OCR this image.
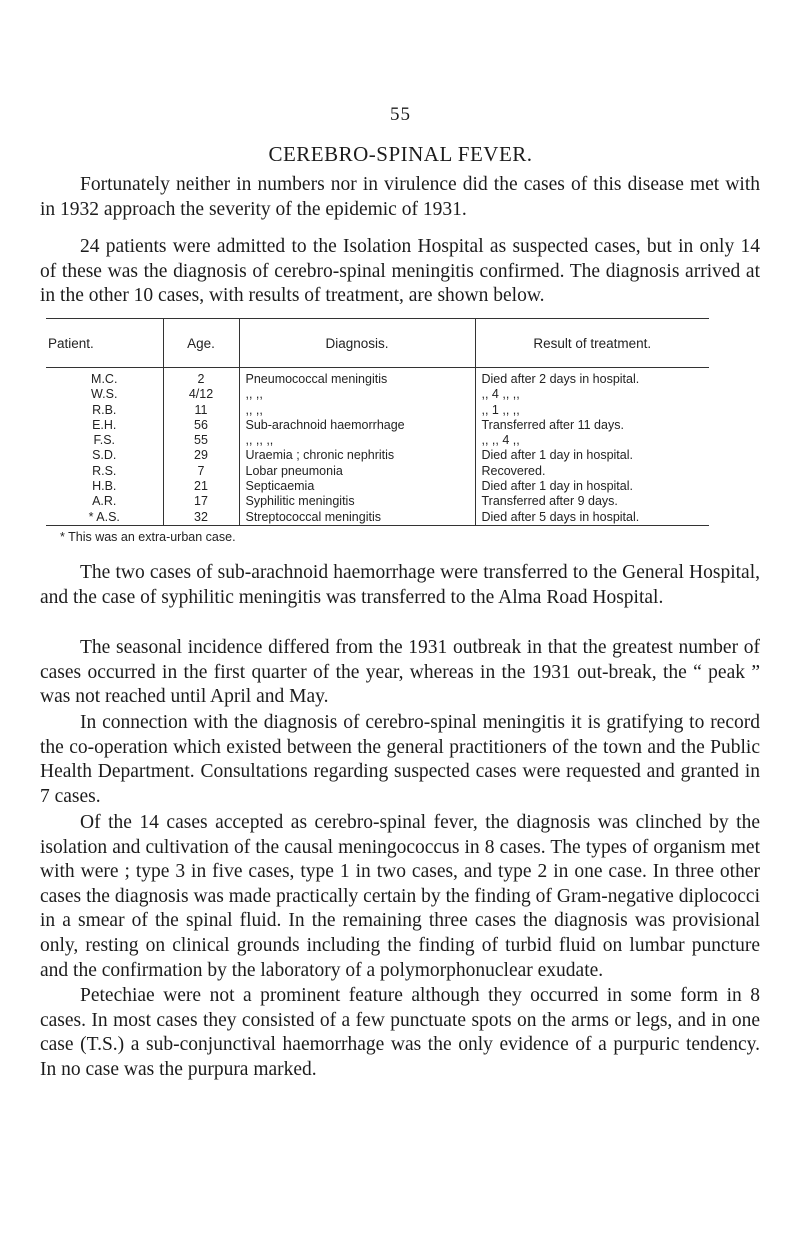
55
CEREBRO-SPINAL FEVER.

Fortunately neither in numbers nor in virulence did the cases of this disease met with in 1932 approach the severity of the epidemic of 1931.

24 patients were admitted to the Isolation Hospital as suspected cases, but in only 14 of these was the diagnosis of cerebro-spinal meningitis confirmed. The diagnosis arrived at in the other 10 cases, with results of treatment, are shown below.

Patient.	Age.	Diagnosis.	Result of treatment.
M.C.	2	Pneumococcal meningitis	Died after 2 days in hospital.
W.S.	4/12	,, ,,	,, 4 ,, ,,
R.B.	11	,, ,,	,, 1 ,, ,,
E.H.	56	Sub-arachnoid haemorrhage	Transferred after 11 days.
F.S.	55	,, ,, ,,	,, ,, 4 ,,
S.D.	29	Uraemia ; chronic nephritis	Died after 1 day in hospital.
R.S.	7	Lobar pneumonia	Recovered.
H.B.	21	Septicaemia	Died after 1 day in hospital.
A.R.	17	Syphilitic meningitis	Transferred after 9 days.
* A.S.	32	Streptococcal meningitis	Died after 5 days in hospital.
* This was an extra-urban case.

The two cases of sub-arachnoid haemorrhage were transferred to the General Hospital, and the case of syphilitic meningitis was transferred to the Alma Road Hospital.

The seasonal incidence differed from the 1931 outbreak in that the greatest number of cases occurred in the first quarter of the year, whereas in the 1931 out-break, the “ peak ” was not reached until April and May.

In connection with the diagnosis of cerebro-spinal meningitis it is gratifying to record the co-operation which existed between the general practitioners of the town and the Public Health Department. Consultations regarding suspected cases were requested and granted in 7 cases.

Of the 14 cases accepted as cerebro-spinal fever, the diagnosis was clinched by the isolation and cultivation of the causal meningococcus in 8 cases. The types of organism met with were ; type 3 in five cases, type 1 in two cases, and type 2 in one case. In three other cases the diagnosis was made practically certain by the finding of Gram-negative diplococci in a smear of the spinal fluid. In the remaining three cases the diagnosis was provisional only, resting on clinical grounds including the finding of turbid fluid on lumbar puncture and the confirmation by the laboratory of a polymorphonuclear exudate.

Petechiae were not a prominent feature although they occurred in some form in 8 cases. In most cases they consisted of a few punctuate spots on the arms or legs, and in one case (T.S.) a sub-conjunctival haemorrhage was the only evidence of a purpuric tendency. In no case was the purpura marked.
